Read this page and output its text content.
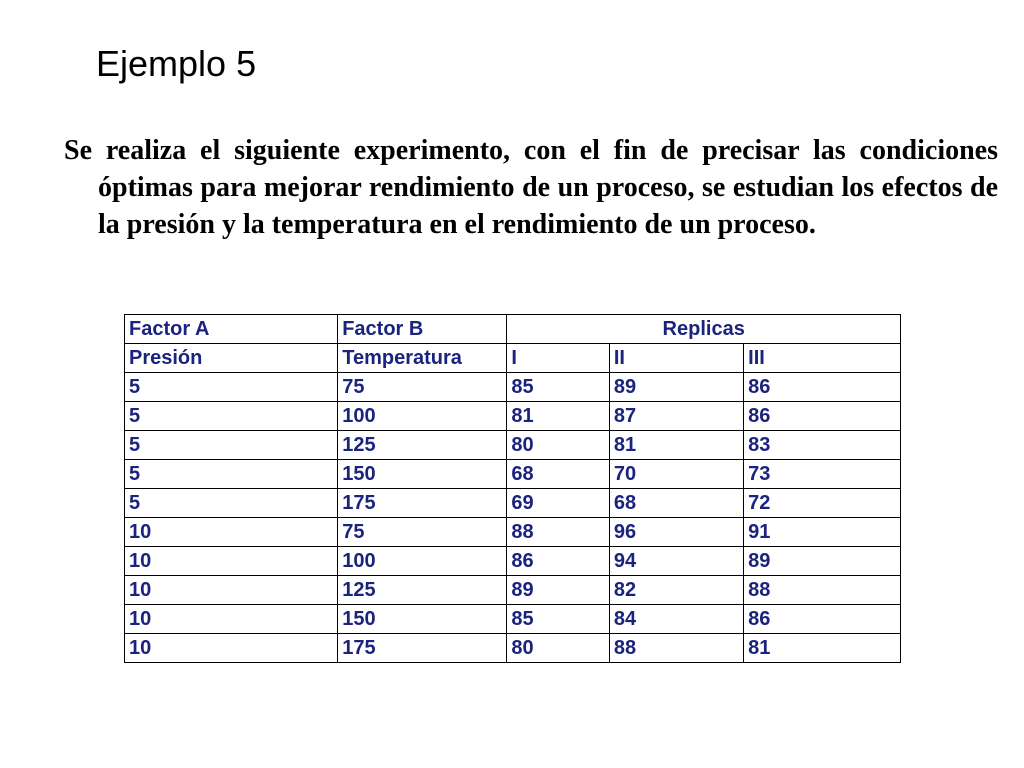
Ejemplo 5

Se realiza el siguiente experimento, con el fin de precisar las condiciones óptimas para mejorar rendimiento de un proceso, se estudian los efectos de la presión y la temperatura en el rendimiento de un proceso.

Factor A	Factor B	Replicas		
Presión	Temperatura	I	II	III
5	75	85	89	86
5	100	81	87	86
5	125	80	81	83
5	150	68	70	73
5	175	69	68	72
10	75	88	96	91
10	100	86	94	89
10	125	89	82	88
10	150	85	84	86
10	175	80	88	81
